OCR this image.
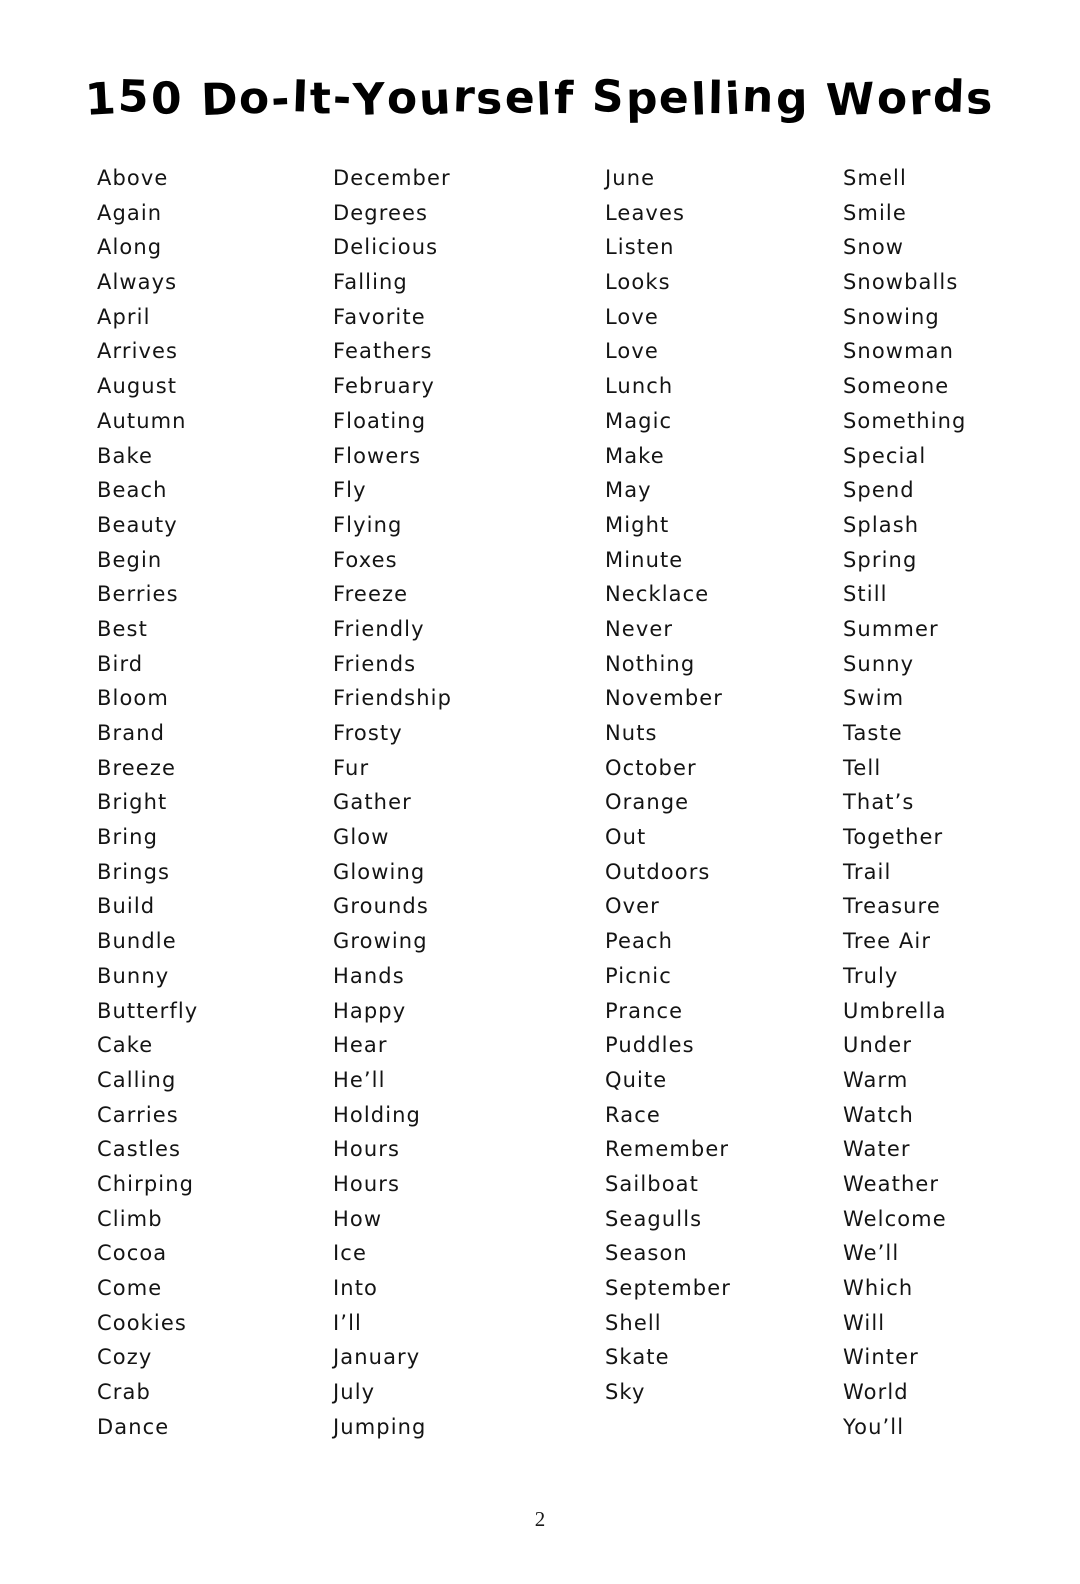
150 Do-It-Yourself Spelling Words
Above
Again
Along
Always
April
Arrives
August
Autumn
Bake
Beach
Beauty
Begin
Berries
Best
Bird
Bloom
Brand
Breeze
Bright
Bring
Brings
Build
Bundle
Bunny
Butterfly
Cake
Calling
Carries
Castles
Chirping
Climb
Cocoa
Come
Cookies
Cozy
Crab
Dance
December
Degrees
Delicious
Falling
Favorite
Feathers
February
Floating
Flowers
Fly
Flying
Foxes
Freeze
Friendly
Friends
Friendship
Frosty
Fur
Gather
Glow
Glowing
Grounds
Growing
Hands
Happy
Hear
He’ll
Holding
Hours
Hours
How
Ice
Into
I’ll
January
July
Jumping
June
Leaves
Listen
Looks
Love
Love
Lunch
Magic
Make
May
Might
Minute
Necklace
Never
Nothing
November
Nuts
October
Orange
Out
Outdoors
Over
Peach
Picnic
Prance
Puddles
Quite
Race
Remember
Sailboat
Seagulls
Season
September
Shell
Skate
Sky
Smell
Smile
Snow
Snowballs
Snowing
Snowman
Someone
Something
Special
Spend
Splash
Spring
Still
Summer
Sunny
Swim
Taste
Tell
That’s
Together
Trail
Treasure
Tree Air
Truly
Umbrella
Under
Warm
Watch
Water
Weather
Welcome
We’ll
Which
Will
Winter
World
You’ll
2
